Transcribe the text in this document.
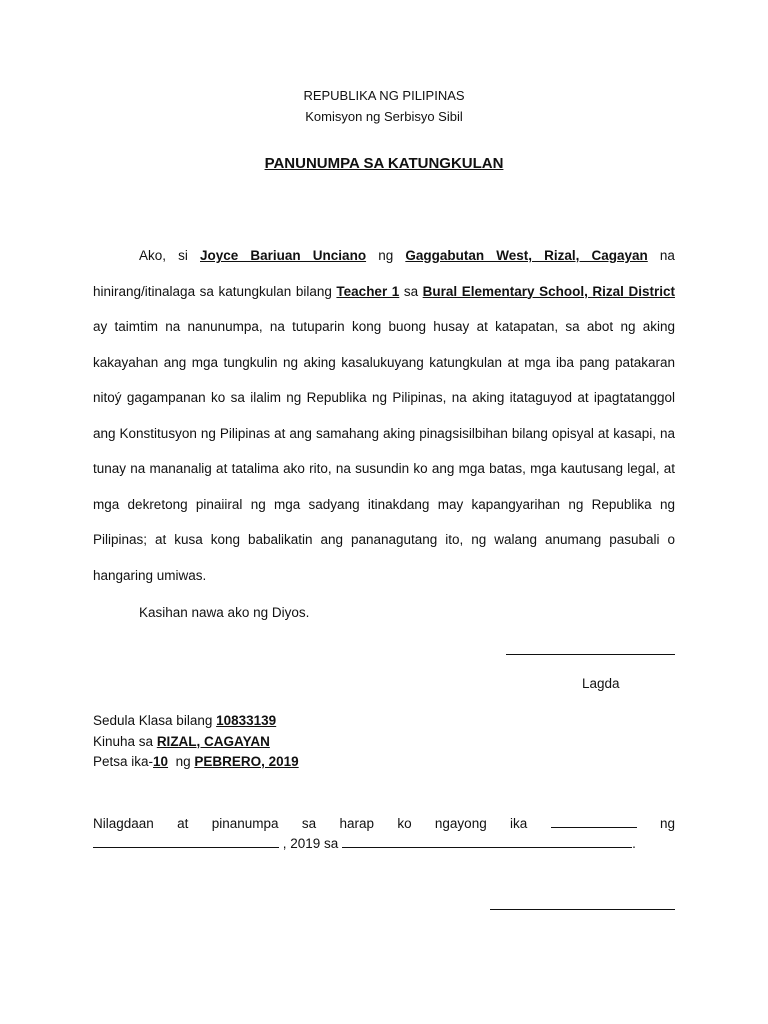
REPUBLIKA NG PILIPINAS
Komisyon ng Serbisyo Sibil
PANUNUMPA SA KATUNGKULAN

Ako, si Joyce Bariuan Unciano ng Gaggabutan West, Rizal, Cagayan na hinirang/itinalaga sa katungkulan bilang Teacher 1 sa Bural Elementary School, Rizal District ay taimtim na nanunumpa, na tutuparin kong buong husay at katapatan, sa abot ng aking kakayahan ang mga tungkulin ng aking kasalukuyang katungkulan at mga iba pang patakaran nitoý gagampanan ko sa ilalim ng Republika ng Pilipinas, na aking itataguyod at ipagtatanggol ang Konstitusyon ng Pilipinas at ang samahang aking pinagsisilbihan bilang opisyal at kasapi, na tunay na mananalig at tatalima ako rito, na susundin ko ang mga batas, mga kautusang legal, at mga dekretong pinaiiral ng mga sadyang itinakdang may kapangyarihan ng Republika ng Pilipinas; at kusa kong babalikatin ang pananagutang ito, ng walang anumang pasubali o hangaring umiwas.

Kasihan nawa ako ng Diyos.
Lagda
Sedula Klasa bilang 10833139
Kinuha sa RIZAL, CAGAYAN
Petsa ika-10 ng PEBRERO, 2019
Nilagdaan at pinanumpa sa harap ko ngayong ika	ng
, 2019 sa	.
